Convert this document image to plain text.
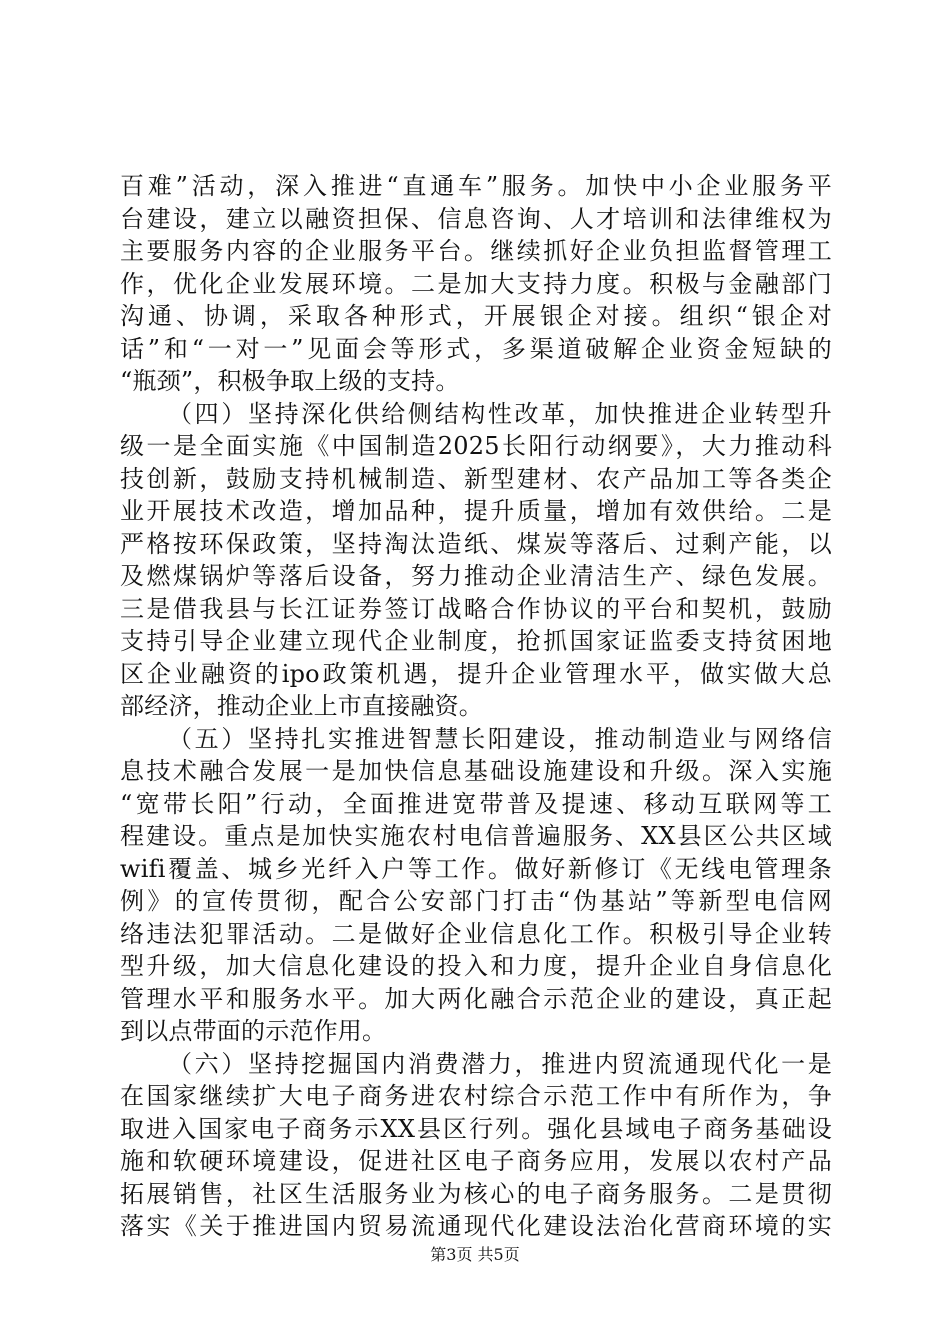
百难”活动，深入推进“直通车”服务。加快中小企业服务平
台建设，建立以融资担保、信息咨询、人才培训和法律维权为
主要服务内容的企业服务平台。继续抓好企业负担监督管理工
作，优化企业发展环境。二是加大支持力度。积极与金融部门
沟通、协调，采取各种形式，开展银企对接。组织“银企对
话”和“一对一”见面会等形式，多渠道破解企业资金短缺的
“瓶颈”，积极争取上级的支持。
（四）坚持深化供给侧结构性改革，加快推进企业转型升
级一是全面实施《中国制造2025长阳行动纲要》，大力推动科
技创新，鼓励支持机械制造、新型建材、农产品加工等各类企
业开展技术改造，增加品种，提升质量，增加有效供给。二是
严格按环保政策，坚持淘汰造纸、煤炭等落后、过剩产能，以
及燃煤锅炉等落后设备，努力推动企业清洁生产、绿色发展。
三是借我县与长江证券签订战略合作协议的平台和契机，鼓励
支持引导企业建立现代企业制度，抢抓国家证监委支持贫困地
区企业融资的ipo政策机遇，提升企业管理水平，做实做大总
部经济，推动企业上市直接融资。
（五）坚持扎实推进智慧长阳建设，推动制造业与网络信
息技术融合发展一是加快信息基础设施建设和升级。深入实施
“宽带长阳”行动，全面推进宽带普及提速、移动互联网等工
程建设。重点是加快实施农村电信普遍服务、XX县区公共区域
wifi覆盖、城乡光纤入户等工作。做好新修订《无线电管理条
例》的宣传贯彻，配合公安部门打击“伪基站”等新型电信网
络违法犯罪活动。二是做好企业信息化工作。积极引导企业转
型升级，加大信息化建设的投入和力度，提升企业自身信息化
管理水平和服务水平。加大两化融合示范企业的建设，真正起
到以点带面的示范作用。
（六）坚持挖掘国内消费潜力，推进内贸流通现代化一是
在国家继续扩大电子商务进农村综合示范工作中有所作为，争
取进入国家电子商务示XX县区行列。强化县域电子商务基础设
施和软硬环境建设，促进社区电子商务应用，发展以农村产品
拓展销售，社区生活服务业为核心的电子商务服务。二是贯彻
落实《关于推进国内贸易流通现代化建设法治化营商环境的实
第3页 共5页
